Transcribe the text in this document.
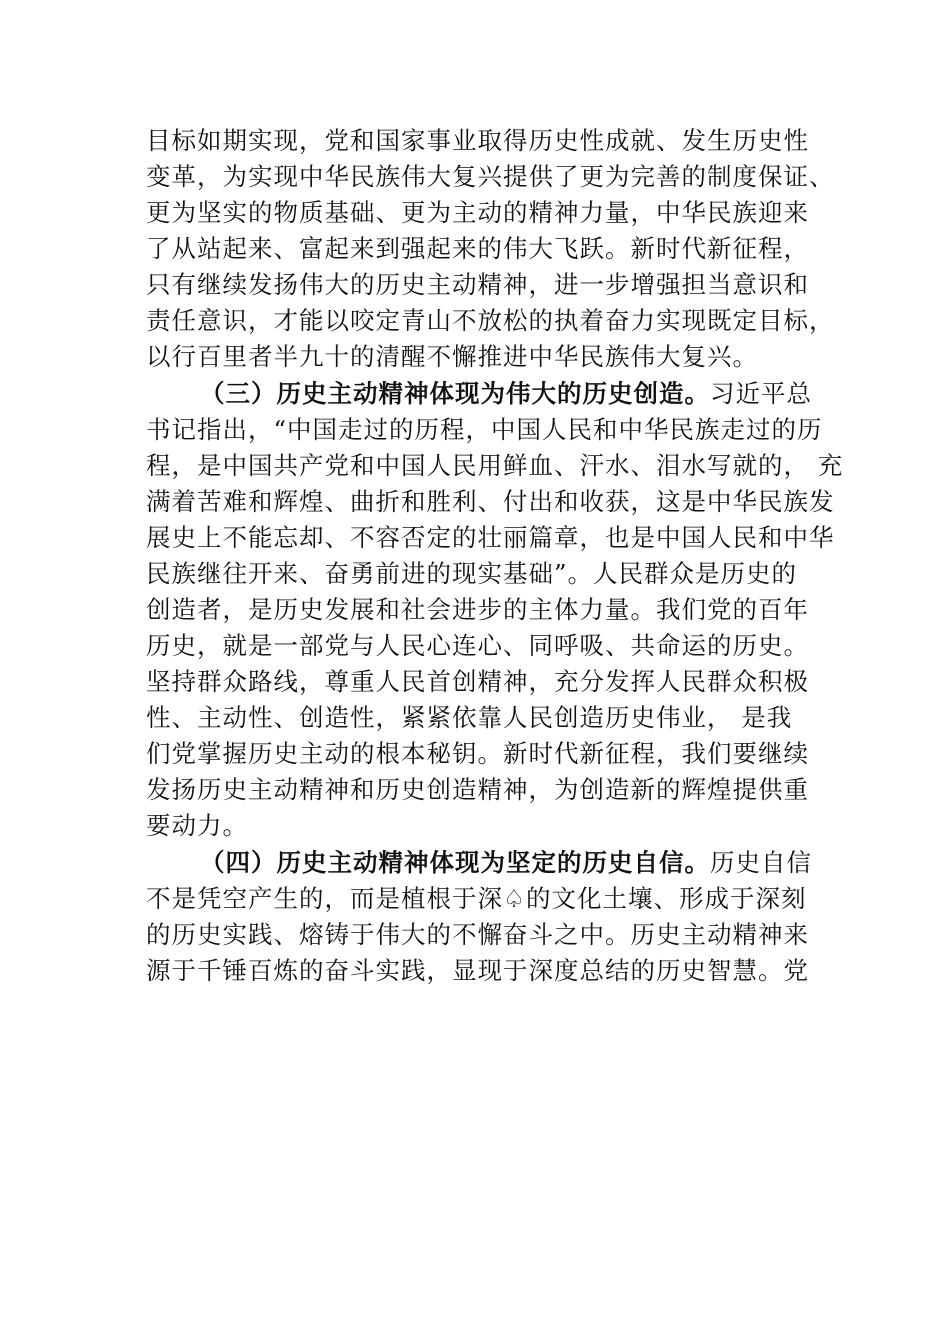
目标如期实现，党和国家事业取得历史性成就、发生历史性
变革，为实现中华民族伟大复兴提供了更为完善的制度保证、
更为坚实的物质基础、更为主动的精神力量，中华民族迎来
了从站起来、富起来到强起来的伟大飞跃。新时代新征程，
只有继续发扬伟大的历史主动精神，进一步增强担当意识和
责任意识，才能以咬定青山不放松的执着奋力实现既定目标，
以行百里者半九十的清醒不懈推进中华民族伟大复兴。
（三）历史主动精神体现为伟大的历史创造。习近平总
书记指出，“中国走过的历程，中国人民和中华民族走过的历
程，是中国共产党和中国人民用鲜血、汗水、泪水写就的， 充
满着苦难和辉煌、曲折和胜利、付出和收获，这是中华民族发
展史上不能忘却、不容否定的壮丽篇章，也是中国人民和中华
民族继往开来、奋勇前进的现实基础”。人民群众是历史的
创造者，是历史发展和社会进步的主体力量。我们党的百年
历史，就是一部党与人民心连心、同呼吸、共命运的历史。
坚持群众路线，尊重人民首创精神，充分发挥人民群众积极
性、主动性、创造性，紧紧依靠人民创造历史伟业， 是我
们党掌握历史主动的根本秘钥。新时代新征程，我们要继续
发扬历史主动精神和历史创造精神，为创造新的辉煌提供重
要动力。
（四）历史主动精神体现为坚定的历史自信。历史自信
不是凭空产生的，而是植根于深♤的文化土壤、形成于深刻
的历史实践、熔铸于伟大的不懈奋斗之中。历史主动精神来
源于千锤百炼的奋斗实践，显现于深度总结的历史智慧。党
